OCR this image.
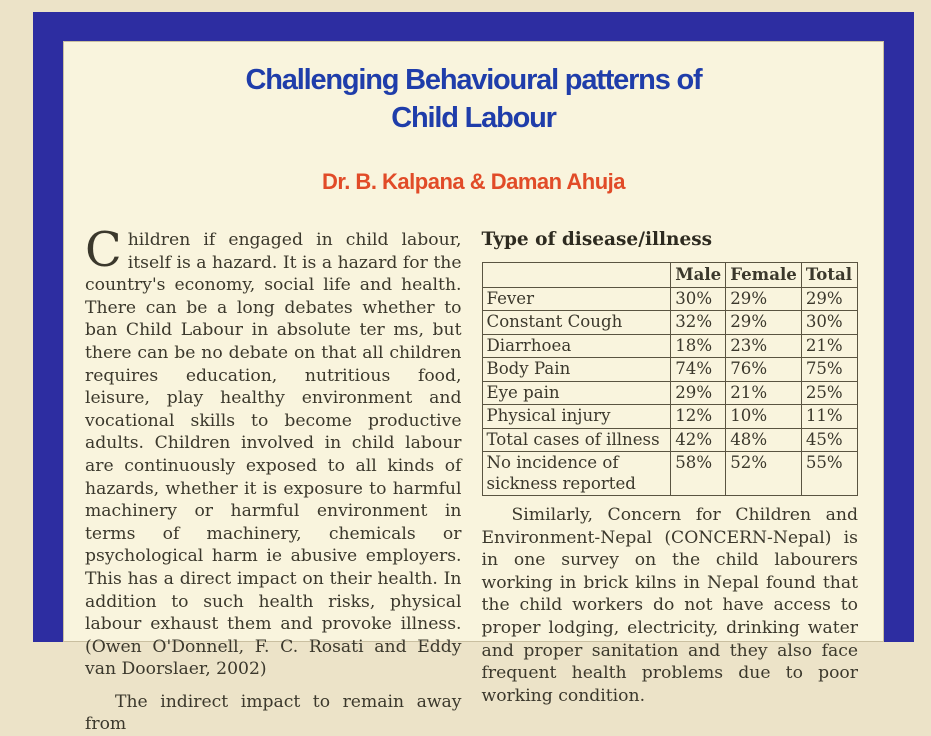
Challenging Behavioural patterns of
Child Labour
Dr. B. Kalpana & Daman Ahuja

Children if engaged in child labour, itself is a hazard. It is a hazard for the country's economy, social life and health. There can be a long debates whether to ban Child Labour in absolute ter ms, but there can be no debate on that all children requires education, nutritious food, leisure, play healthy environment and vocational skills to become productive adults. Children involved in child labour are continuously exposed to all kinds of hazards, whether it is exposure to harmful machinery or harmful environment in terms of machinery, chemicals or psychological harm ie abusive employers. This has a direct impact on their health. In addition to such health risks, physical labour exhaust them and provoke illness. (Owen O'Donnell, F. C. Rosati and Eddy van Doorslaer, 2002)

The indirect impact to remain away from

Type of disease/illness
	Male	Female	Total
Fever	30%	29%	29%
Constant Cough	32%	29%	30%
Diarrhoea	18%	23%	21%
Body Pain	74%	76%	75%
Eye pain	29%	21%	25%
Physical injury	12%	10%	11%
Total cases of illness	42%	48%	45%
No incidence of sickness reported	58%	52%	55%

Similarly, Concern for Children and Environment-Nepal (CONCERN-Nepal) is in one survey on the child labourers working in brick kilns in Nepal found that the child workers do not have access to proper lodging, electricity, drinking water and proper sanitation and they also face frequent health problems due to poor working condition.
